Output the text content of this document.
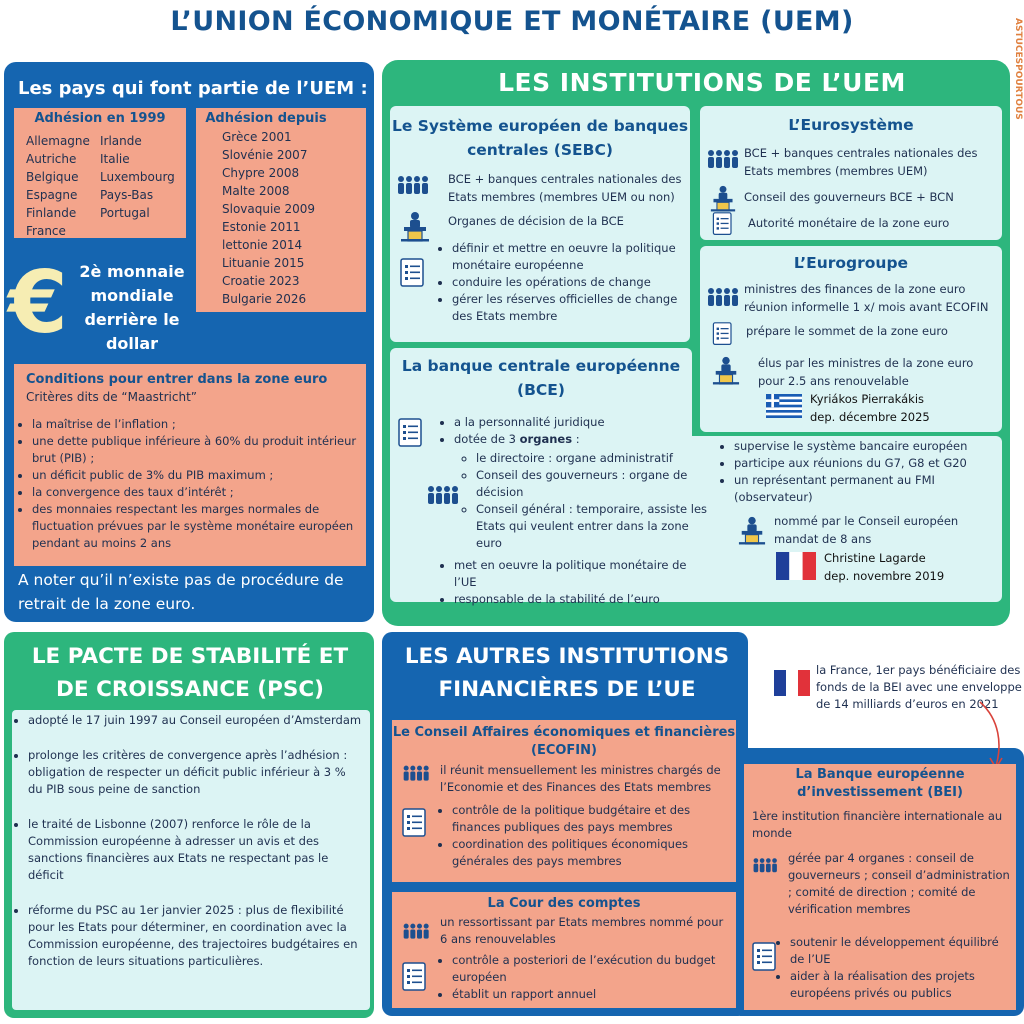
L’UNION ÉCONOMIQUE ET MONÉTAIRE (UEM)	ASTUCESPOURTOUS
Les pays qui font partie de l’UEM :
Adhésion en 1999
Allemagne
Autriche
Belgique
Espagne
Finlande
France
Irlande
Italie
Luxembourg
Pays-Bas
Portugal
Adhésion depuis
Grèce 2001
Slovénie 2007
Chypre 2008
Malte 2008
Slovaquie 2009
Estonie 2011
lettonie 2014
Lituanie 2015
Croatie 2023
Bulgarie 2026
€ 2è monnaie mondiale derrière le dollar
Conditions pour entrer dans la zone euro
Critères dits de “Maastricht”
• la maîtrise de l’inflation ;
• une dette publique inférieure à 60% du produit intérieur brut (PIB) ;
• un déficit public de 3% du PIB maximum ;
• la convergence des taux d’intérêt ;
• des monnaies respectant les marges normales de fluctuation prévues par le système monétaire européen pendant au moins 2 ans
A noter qu’il n’existe pas de procédure de retrait de la zone euro.
LES INSTITUTIONS DE L’UEM
Le Système européen de banques centrales (SEBC)
BCE + banques centrales nationales des Etats membres (membres UEM ou non)
Organes de décision de la BCE
• définir et mettre en oeuvre la politique monétaire européenne
• conduire les opérations de change
• gérer les réserves officielles de change des Etats membre
L’Eurosystème
BCE + banques centrales nationales des Etats membres (membres UEM)
Conseil des gouverneurs BCE + BCN
Autorité monétaire de la zone euro
L’Eurogroupe
ministres des finances de la zone euro réunion informelle 1 x/ mois avant ECOFIN
prépare le sommet de la zone euro
élus par les ministres de la zone euro pour 2.5 ans renouvelable
Kyriákos Pierrakákis
dep. décembre 2025
La banque centrale européenne (BCE)
• a la personnalité juridique
• dotée de 3 organes :
◦ le directoire : organe administratif
◦ Conseil des gouverneurs : organe de décision
◦ Conseil général : temporaire, assiste les Etats qui veulent entrer dans la zone euro
• met en oeuvre la politique monétaire de l’UE
• responsable de la stabilité de l’euro
• supervise le système bancaire européen
• participe aux réunions du G7, G8 et G20
• un représentant permanent au FMI (observateur)
nommé par le Conseil européen mandat de 8 ans
Christine Lagarde
dep. novembre 2019
LE PACTE DE STABILITÉ ET DE CROISSANCE (PSC)
• adopté le 17 juin 1997 au Conseil européen d’Amsterdam
• prolonge les critères de convergence après l’adhésion : obligation de respecter un déficit public inférieur à 3 % du PIB sous peine de sanction
• le traité de Lisbonne (2007) renforce le rôle de la Commission européenne à adresser un avis et des sanctions financières aux Etats ne respectant pas le déficit
• réforme du PSC au 1er janvier 2025 : plus de flexibilité pour les Etats pour déterminer, en coordination avec la Commission européenne, des trajectoires budgétaires en fonction de leurs situations particulières.
LES AUTRES INSTITUTIONS FINANCIÈRES DE L’UE
Le Conseil Affaires économiques et financières (ECOFIN)
il réunit mensuellement les ministres chargés de l’Economie et des Finances des Etats membres
• contrôle de la politique budgétaire et des finances publiques des pays membres
• coordination des politiques économiques générales des pays membres
La Cour des comptes
un ressortissant par Etats membres nommé pour 6 ans renouvelables
• contrôle a posteriori de l’exécution du budget européen
• établit un rapport annuel
la France, 1er pays bénéficiaire des fonds de la BEI avec une enveloppe de 14 milliards d’euros en 2021
La Banque européenne d’investissement (BEI)
1ère institution financière internationale au monde
gérée par 4 organes : conseil de gouverneurs ; conseil d’administration ; comité de direction ; comité de vérification membres
• soutenir le développement équilibré de l’UE
• aider à la réalisation des projets européens privés ou publics
